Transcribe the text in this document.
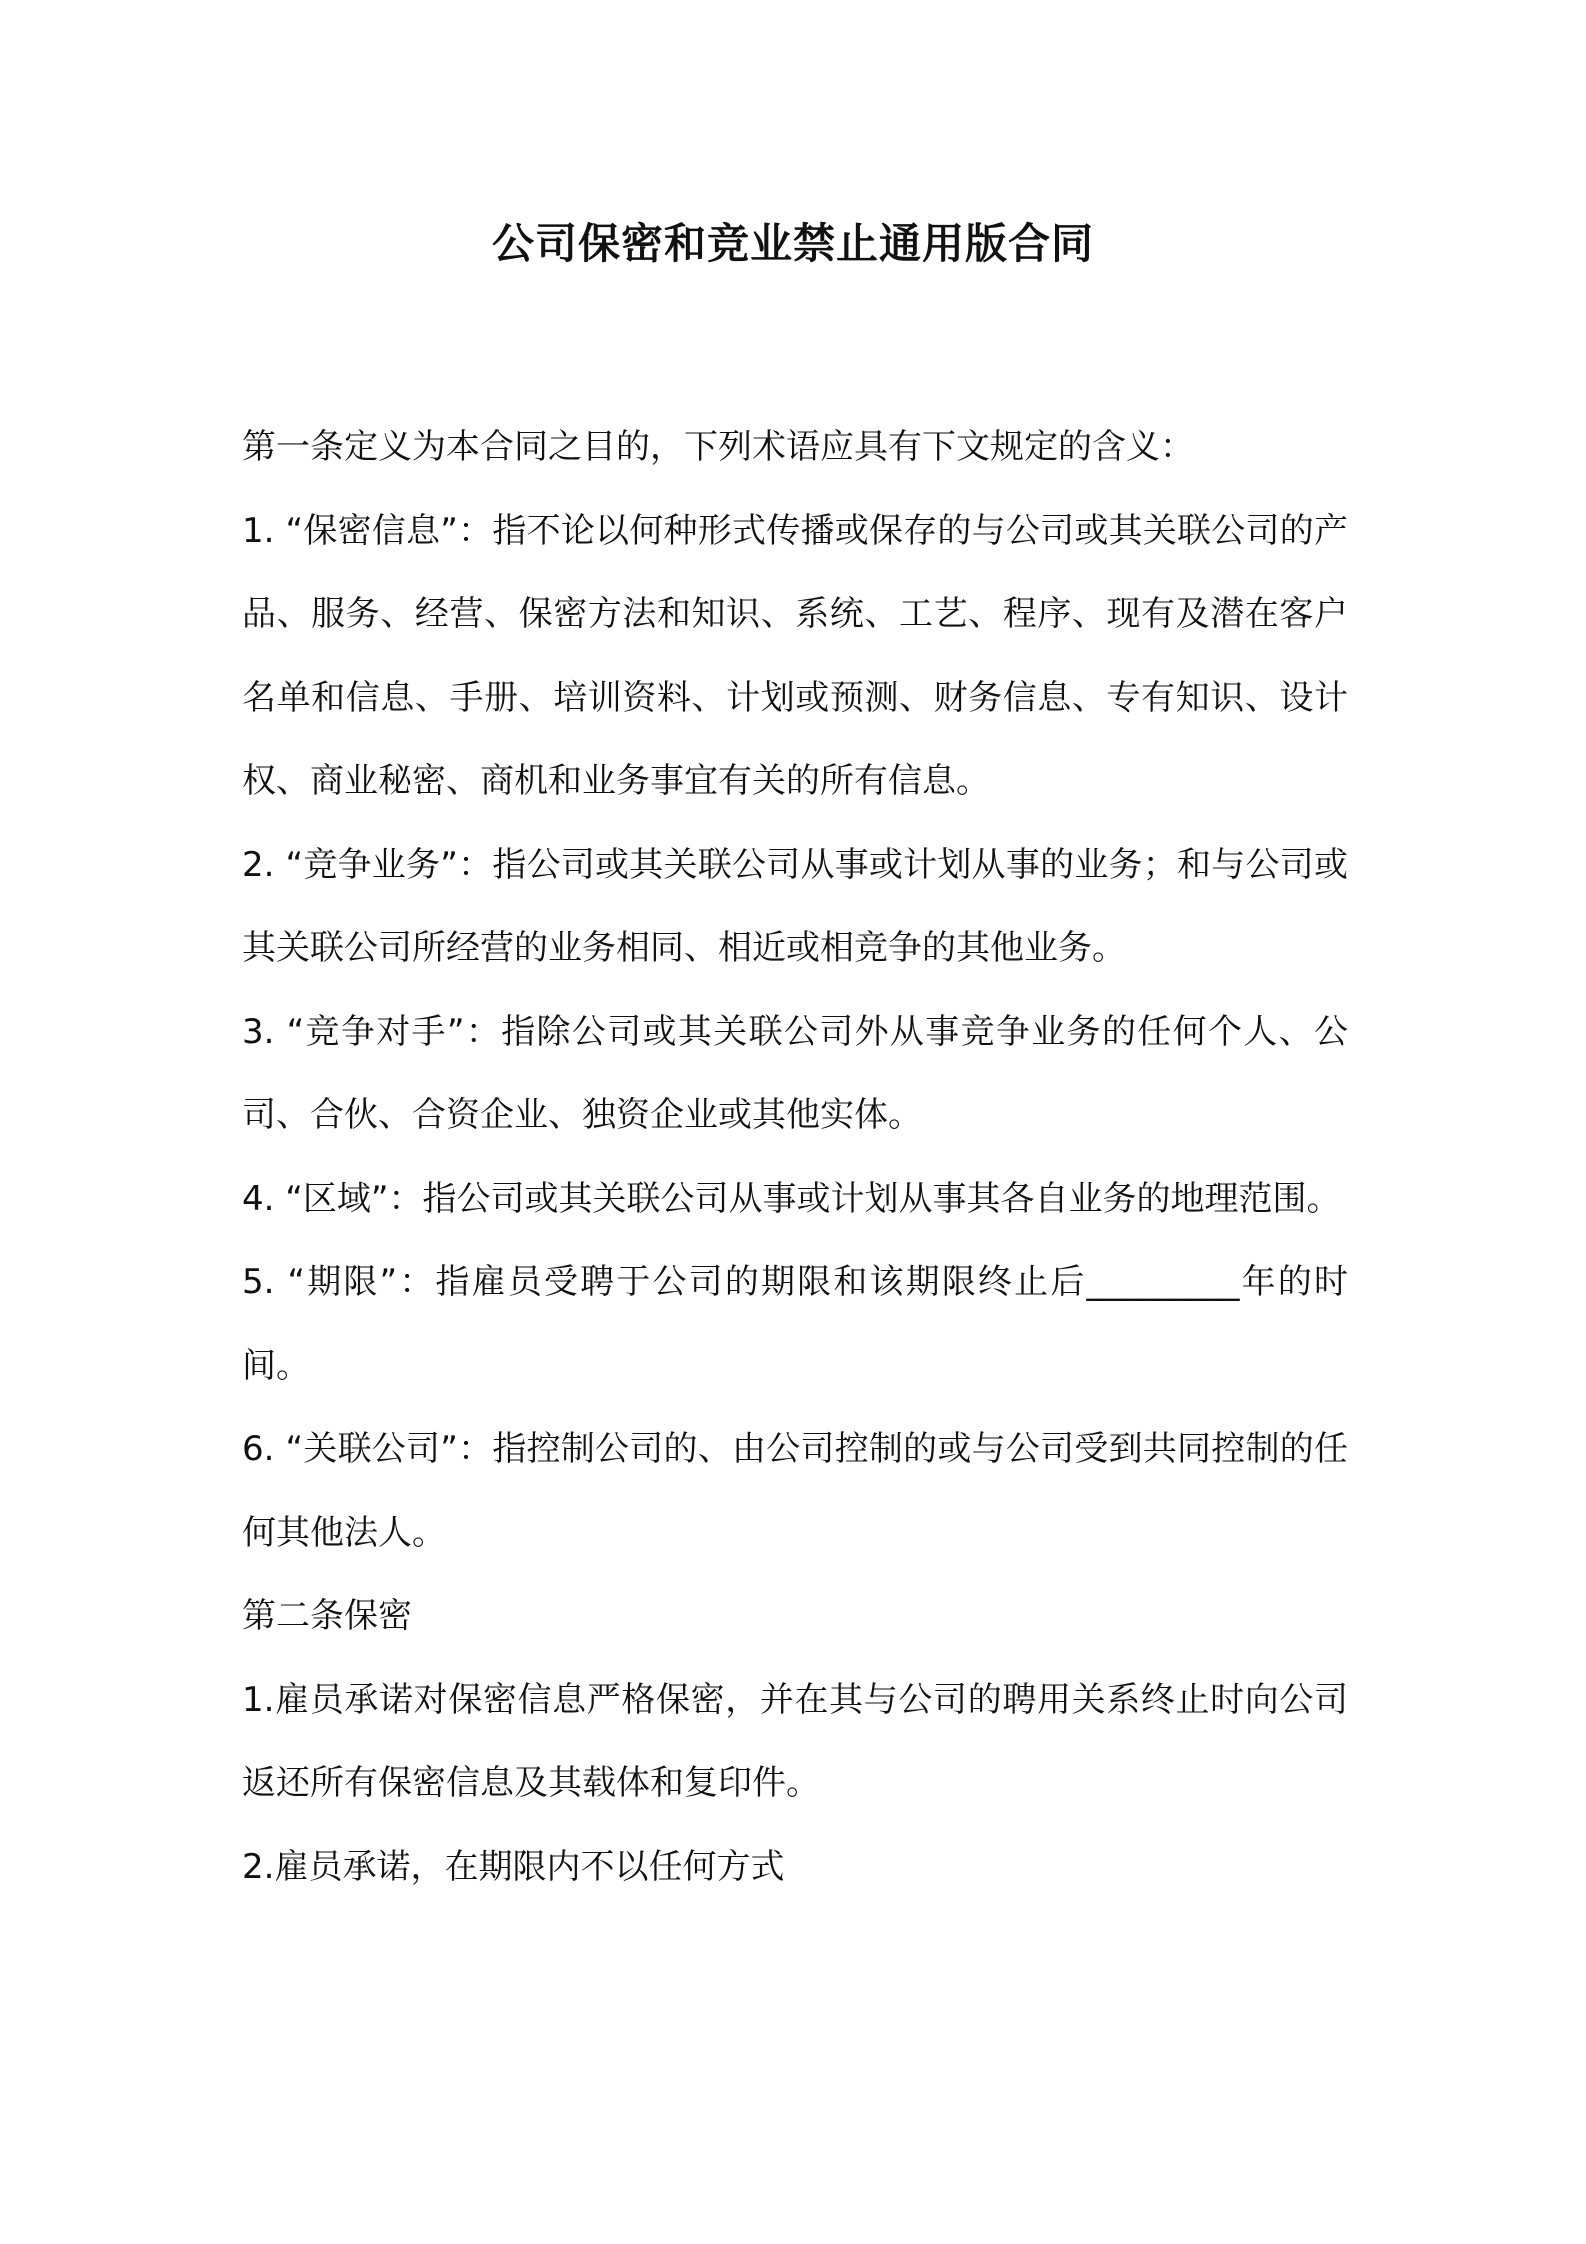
公司保密和竞业禁止通用版合同

第一条定义为本合同之目的，下列术语应具有下文规定的含义：

1. “保密信息”：指不论以何种形式传播或保存的与公司或其关联公司的产品、服务、经营、保密方法和知识、系统、工艺、程序、现有及潜在客户名单和信息、手册、培训资料、计划或预测、财务信息、专有知识、设计权、商业秘密、商机和业务事宜有关的所有信息。

2. “竞争业务”：指公司或其关联公司从事或计划从事的业务；和与公司或其关联公司所经营的业务相同、相近或相竞争的其他业务。

3. “竞争对手”：指除公司或其关联公司外从事竞争业务的任何个人、公司、合伙、合资企业、独资企业或其他实体。

4. “区域”：指公司或其关联公司从事或计划从事其各自业务的地理范围。

5. “期限”：指雇员受聘于公司的期限和该期限终止后_________年的时间。

6. “关联公司”：指控制公司的、由公司控制的或与公司受到共同控制的任何其他法人。

第二条保密

1.雇员承诺对保密信息严格保密，并在其与公司的聘用关系终止时向公司返还所有保密信息及其载体和复印件。

2.雇员承诺，在期限内不以任何方式
